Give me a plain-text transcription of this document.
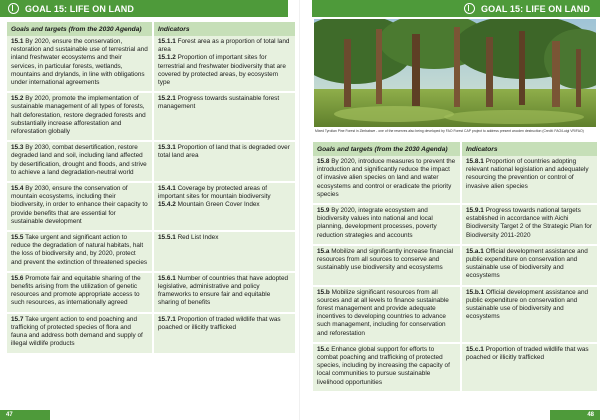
GOAL 15: LIFE ON LAND	GOAL 15: LIFE ON LAND
Goals and targets (from the 2030 Agenda)	Indicators
15.1 By 2020, ensure the conservation, restoration and sustainable use of terrestrial and inland freshwater ecosystems and their services, in particular forests, wetlands, mountains and drylands, in line with obligations under international agreements	15.1.1 Forest area as a proportion of total land area
15.1.2 Proportion of important sites for terrestrial and freshwater biodiversity that are covered by protected areas, by ecosystem type

15.2 By 2020, promote the implementation of sustainable management of all types of forests, halt deforestation, restore degraded forests and substantially increase afforestation and reforestation globally	15.2.1 Progress towards sustainable forest management

15.3 By 2030, combat desertification, restore degraded land and soil, including land affected by desertification, drought and floods, and strive to achieve a land degradation-neutral world	15.3.1 Proportion of land that is degraded over total land area

15.4 By 2030, ensure the conservation of mountain ecosystems, including their biodiversity, in order to enhance their capacity to provide benefits that are essential for sustainable development	15.4.1 Coverage by protected areas of important sites for mountain biodiversity
15.4.2 Mountain Green Cover Index

15.5 Take urgent and significant action to reduce the degradation of natural habitats, halt the loss of biodiversity and, by 2020, protect and prevent the extinction of threatened species	15.5.1 Red List Index

15.6 Promote fair and equitable sharing of the benefits arising from the utilization of genetic resources and promote appropriate access to such resources, as internationally agreed	15.6.1 Number of countries that have adopted legislative, administrative and policy frameworks to ensure fair and equitable sharing of benefits

15.7 Take urgent action to end poaching and trafficking of protected species of flora and fauna and address both demand and supply of illegal wildlife products	15.7.1 Proportion of traded wildlife that was poached or illicitly trafficked
Mixed Tyrolian Pine Forest in Zimbabwe - one of the reserves also being developed by FAO Forest CAP project to address present wooden destruction (Credit: FAO/Luigi VR/FAO)
Goals and targets (from the 2030 Agenda)	Indicators
15.8 By 2020, introduce measures to prevent the introduction and significantly reduce the impact of invasive alien species on land and water ecosystems and control or eradicate the priority species	15.8.1 Proportion of countries adopting relevant national legislation and adequately resourcing the prevention or control of invasive alien species

15.9 By 2020, integrate ecosystem and biodiversity values into national and local planning, development processes, poverty reduction strategies and accounts	15.9.1 Progress towards national targets established in accordance with Aichi Biodiversity Target 2 of the Strategic Plan for Biodiversity 2011-2020

15.a Mobilize and significantly increase financial resources from all sources to conserve and sustainably use biodiversity and ecosystems	15.a.1 Official development assistance and public expenditure on conservation and sustainable use of biodiversity and ecosystems

15.b Mobilize significant resources from all sources and at all levels to finance sustainable forest management and provide adequate incentives to developing countries to advance such management, including for conservation and reforestation	15.b.1 Official development assistance and public expenditure on conservation and sustainable use of biodiversity and ecosystems

15.c Enhance global support for efforts to combat poaching and trafficking of protected species, including by increasing the capacity of local communities to pursue sustainable livelihood opportunities	15.c.1 Proportion of traded wildlife that was poached or illicitly trafficked
47	48
